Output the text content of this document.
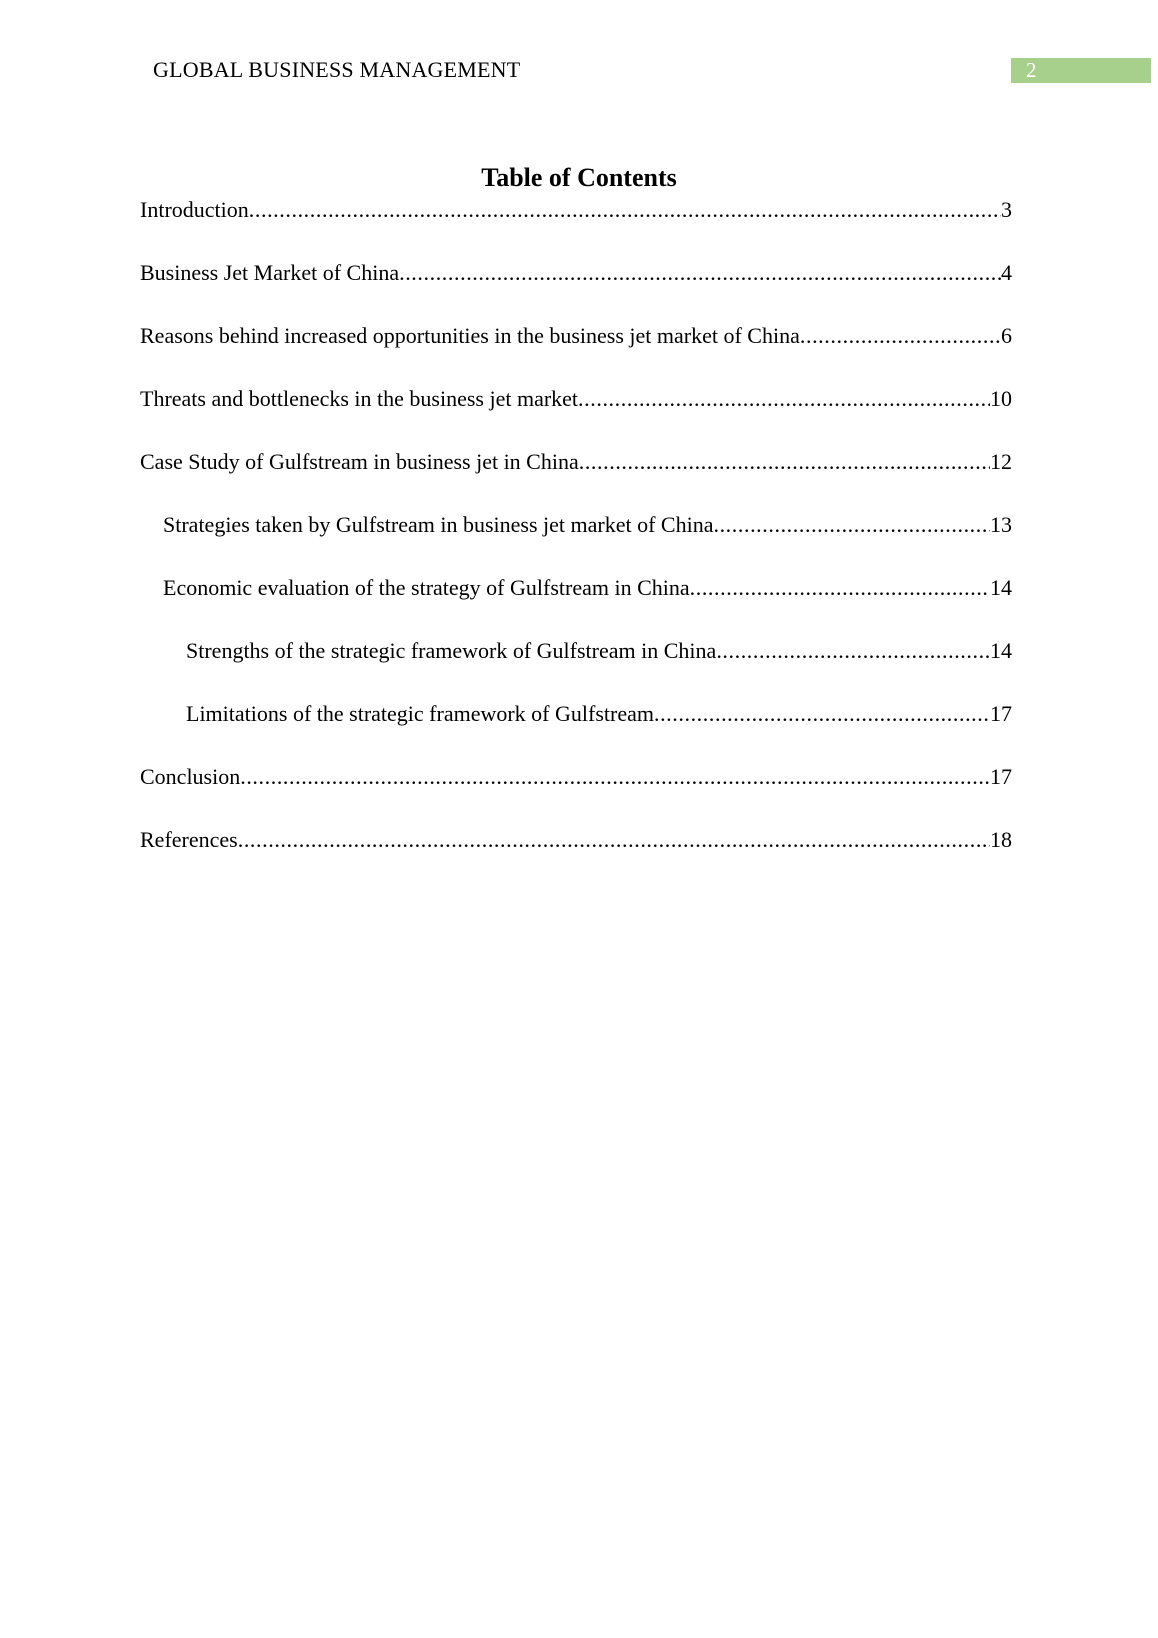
GLOBAL BUSINESS MANAGEMENT	2
Table of Contents
Introduction .....	3
Business Jet Market of China .....	4
Reasons behind increased opportunities in the business jet market of China .....	6
Threats and bottlenecks in the business jet market .....	10
Case Study of Gulfstream in business jet in China .....	12
Strategies taken by Gulfstream in business jet market of China .....	13
Economic evaluation of the strategy of Gulfstream in China .....	14
Strengths of the strategic framework of Gulfstream in China .....	14
Limitations of the strategic framework of Gulfstream .....	17
Conclusion .....	17
References .....	18
